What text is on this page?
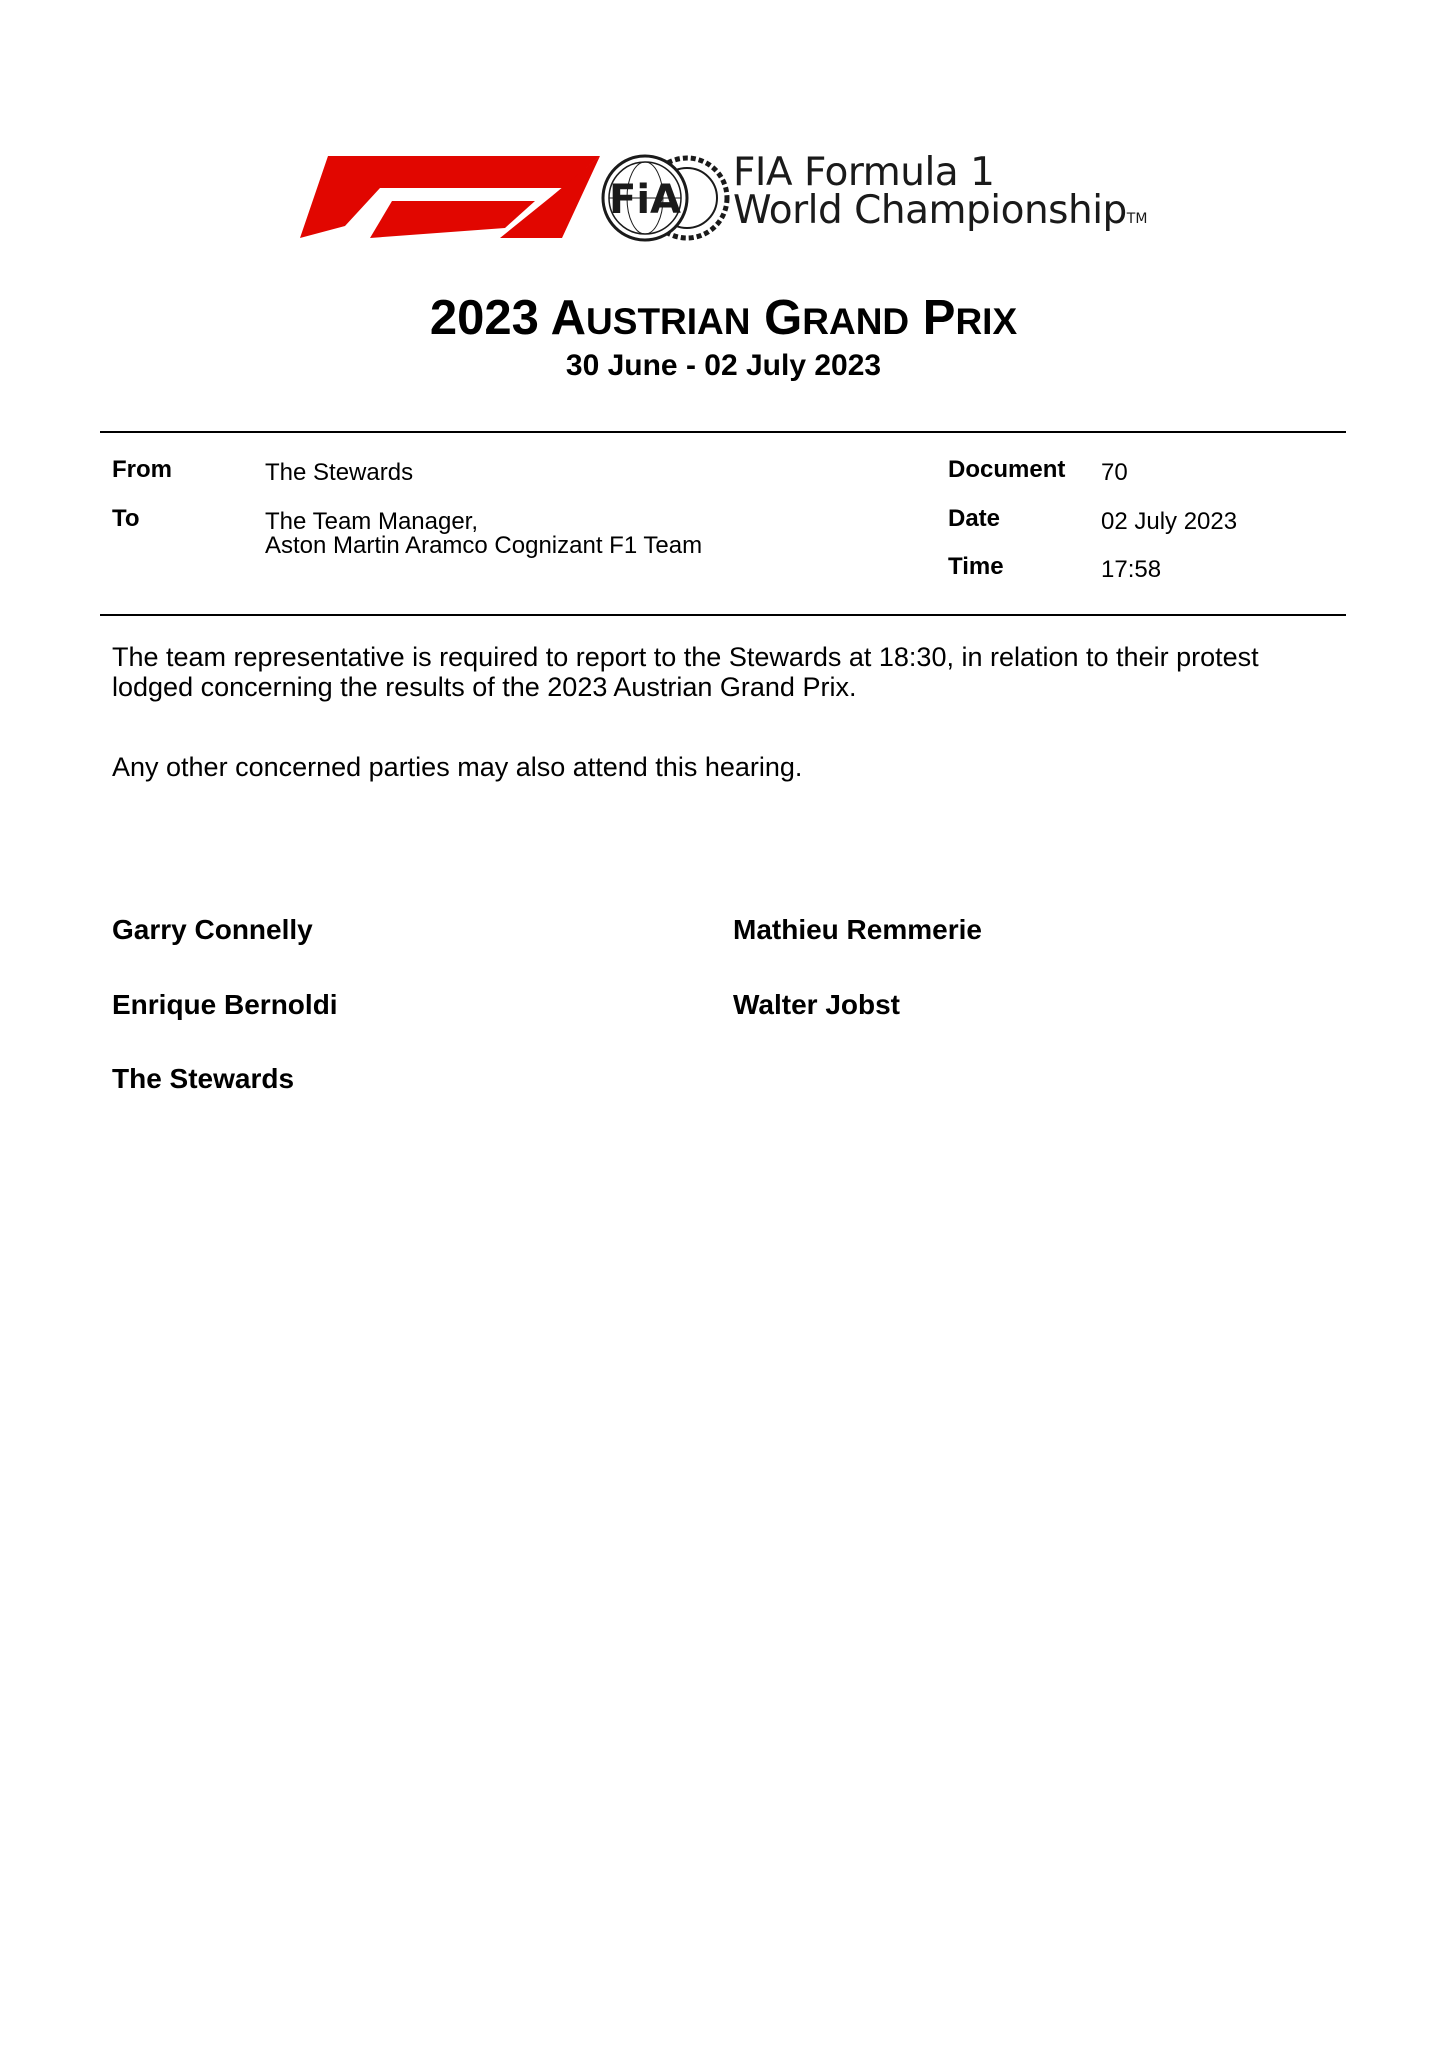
FiA
FIA Formula 1
World ChampionshipTM
2023 AUSTRIAN GRAND PRIX
30 June - 02 July 2023
From	The Stewards
To	The Team Manager,
Aston Martin Aramco Cognizant F1 Team
Document 70
Date	02 July 2023
Time	17:58
The team representative is required to report to the Stewards at 18:30, in relation to their protest lodged concerning the results of the 2023 Austrian Grand Prix.
Any other concerned parties may also attend this hearing.
Garry Connelly	Mathieu Remmerie
Enrique Bernoldi	Walter Jobst
The Stewards
